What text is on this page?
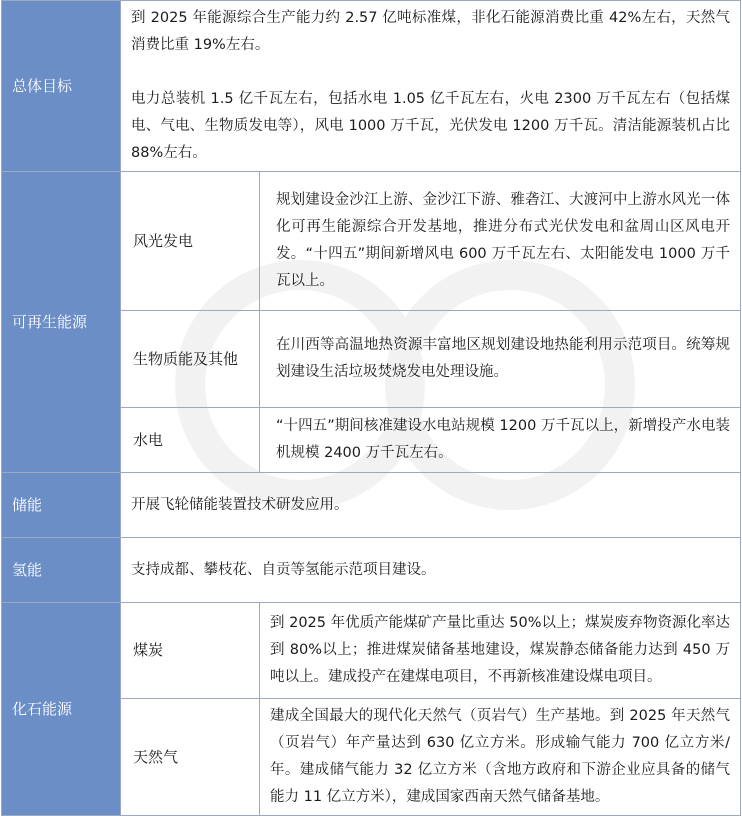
总体目标	到 2025 年能源综合生产能力约 2.57 亿吨标准煤，非化石能源消费比重 42%左右，天然气消费比重 19%左右。
电力总装机 1.5 亿千瓦左右，包括水电 1.05 亿千瓦左右，火电 2300 万千瓦左右（包括煤电、气电、生物质发电等），风电 1000 万千瓦，光伏发电 1200 万千瓦。清洁能源装机占比 88%左右。	

可再生能源	风光发电	规划建设金沙江上游、金沙江下游、雅砻江、大渡河中上游水风光一体化可再生能源综合开发基地，推进分布式光伏发电和盆周山区风电开发。“十四五”期间新增风电 600 万千瓦左右、太阳能发电 1000 万千瓦以上。
	生物质能及其他	在川西等高温地热资源丰富地区规划建设地热能利用示范项目。统筹规划建设生活垃圾焚烧发电处理设施。
	水电	“十四五”期间核准建设水电站规模 1200 万千瓦以上，新增投产水电装机规模 2400 万千瓦左右。
储能	开展飞轮储能装置技术研发应用。	
氢能	支持成都、攀枝花、自贡等氢能示范项目建设。	
化石能源	煤炭	到 2025 年优质产能煤矿产量比重达 50%以上；煤炭废弃物资源化率达到 80%以上；推进煤炭储备基地建设，煤炭静态储备能力达到 450 万吨以上。建成投产在建煤电项目，不再新核准建设煤电项目。
	天然气	建成全国最大的现代化天然气（页岩气）生产基地。到 2025 年天然气（页岩气）年产量达到 630 亿立方米。形成输气能力 700 亿立方米/年。建成储气能力 32 亿立方米（含地方政府和下游企业应具备的储气能力 11 亿立方米），建成国家西南天然气储备基地。
